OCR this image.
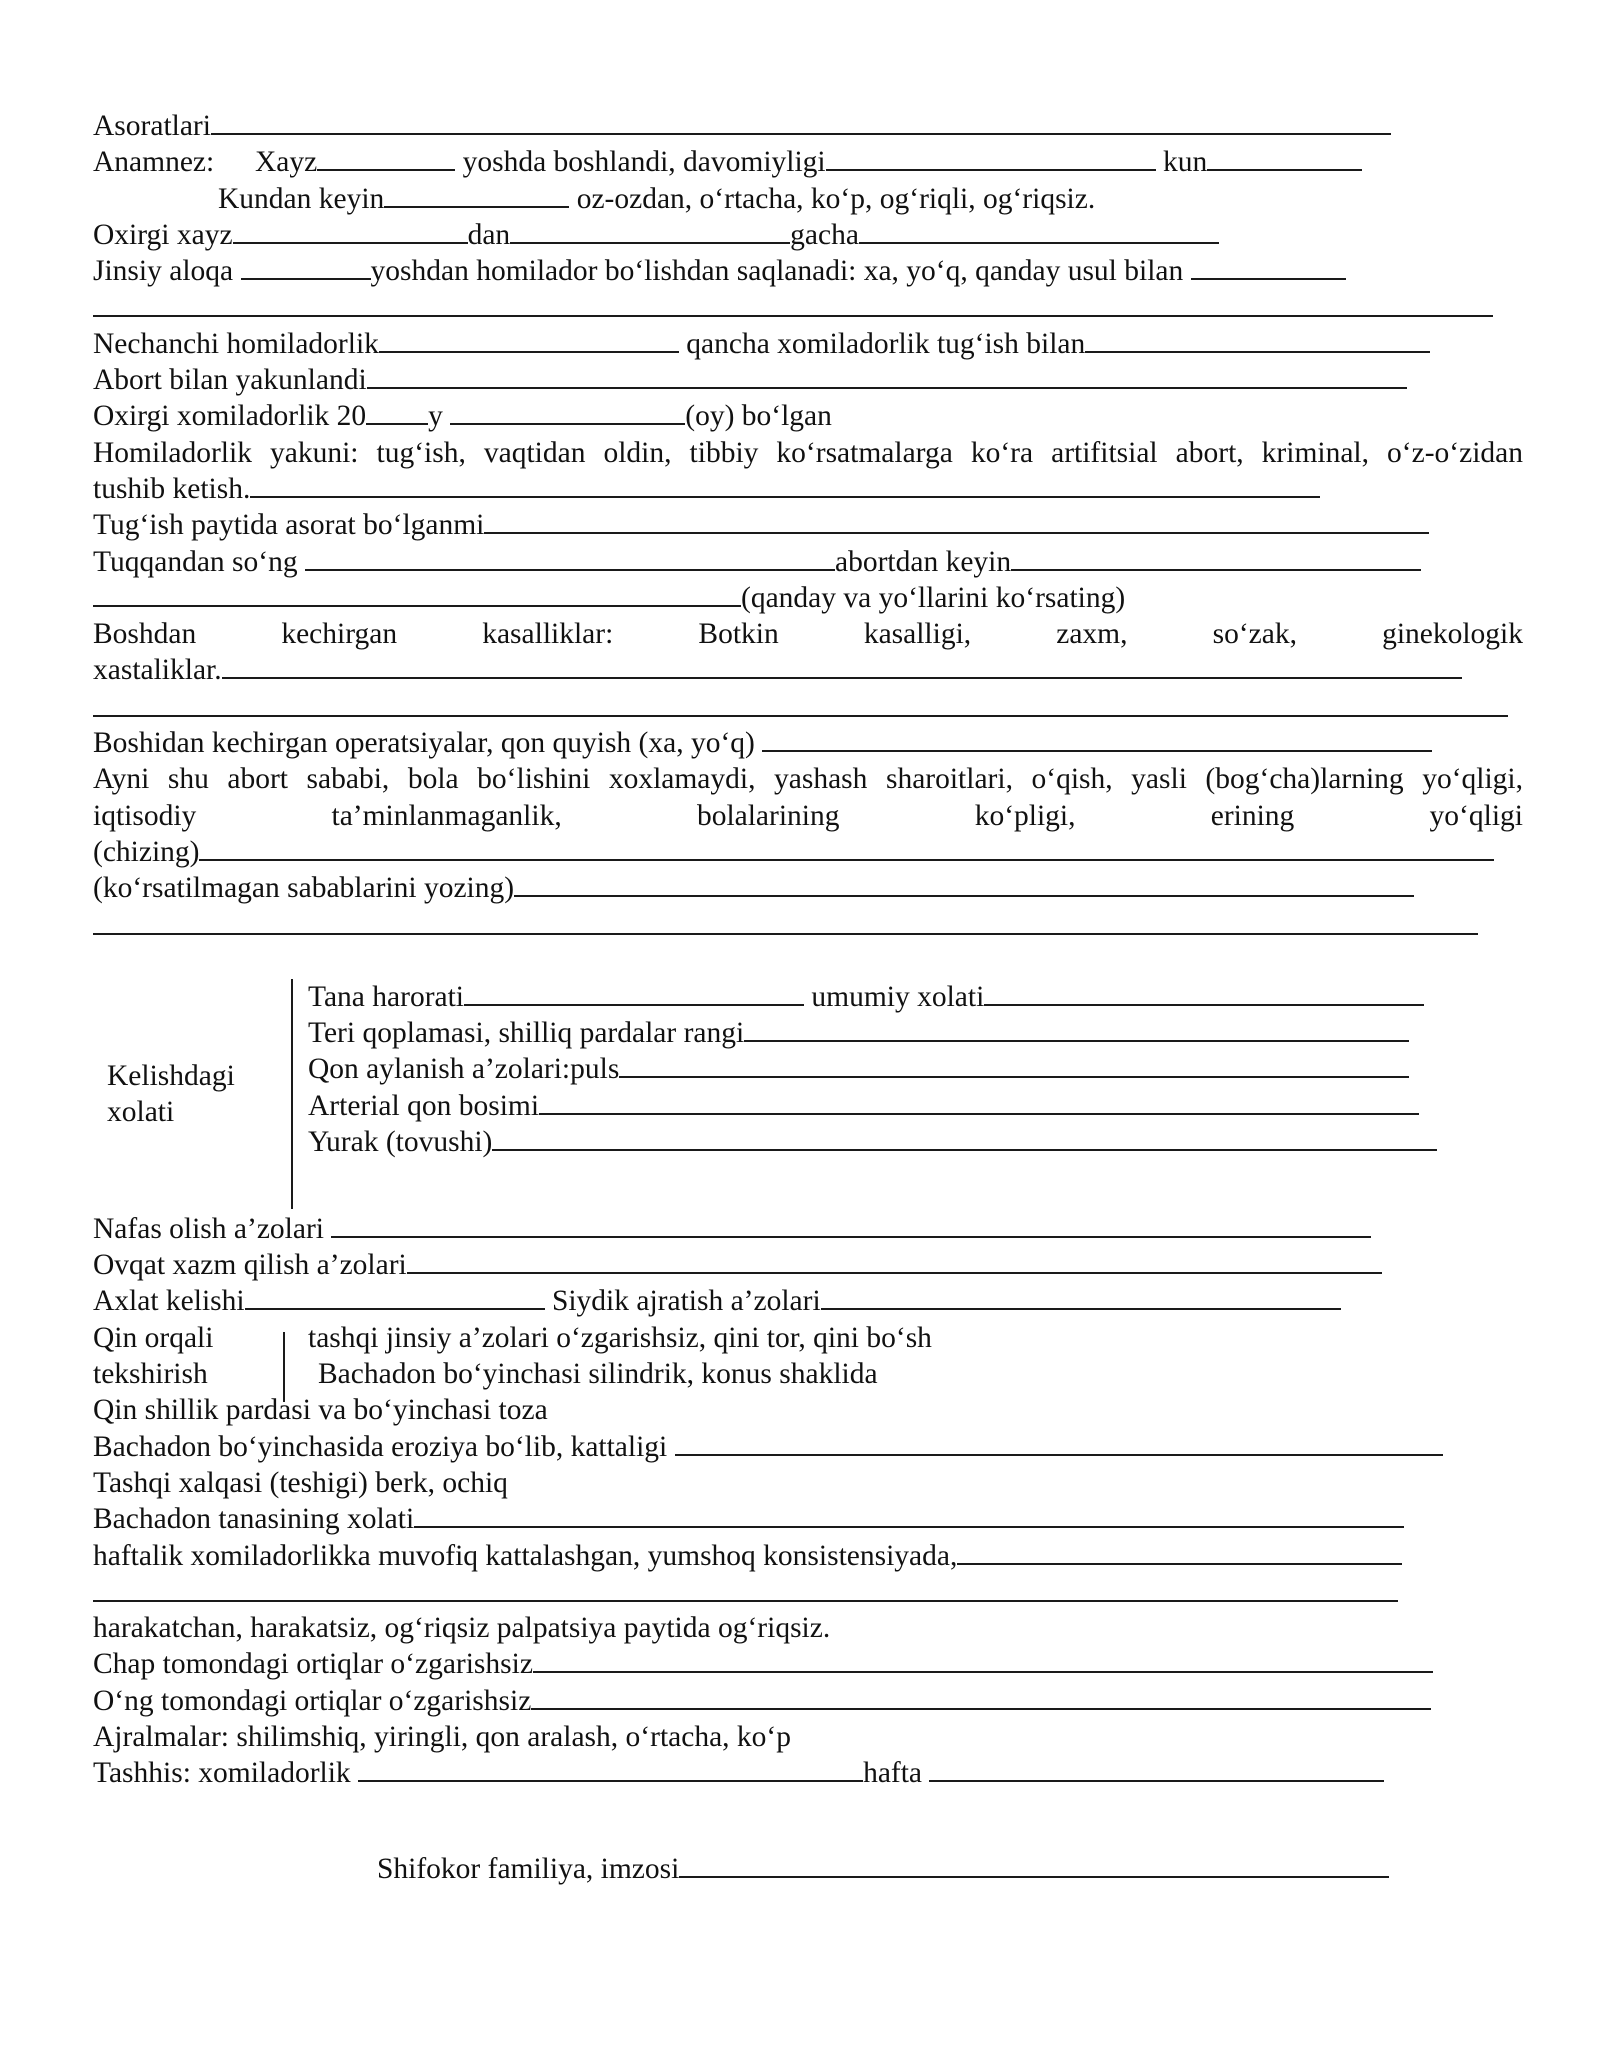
Asoratlari
Anamnez: Xayz	yoshda boshlandi, davomiyligi	kun
Kundan keyin	oz-ozdan, o‘rtacha, ko‘p, og‘riqli, og‘riqsiz.
Oxirgi xayz	dan	gacha
Jinsiy aloqa	yoshdan homilador bo‘lishdan saqlanadi: xa, yo‘q, qanday usul bilan
Nechanchi homiladorlik	qancha xomiladorlik tug‘ish bilan
Abort bilan yakunlandi
Oxirgi xomiladorlik 20 y	(oy) bo‘lgan
Homiladorlik yakuni: tug‘ish, vaqtidan oldin, tibbiy ko‘rsatmalarga ko‘ra artifitsial abort, kriminal, o‘z-o‘zidan
tushib ketish.
Tug‘ish paytida asorat bo‘lganmi
Tuqqandan so‘ng	abortdan keyin
(qanday va yo‘llarini ko‘rsating)
Boshdan	kechirgan	kasalliklar:	Botkin	kasalligi,	zaxm,	so‘zak,	ginekologik
xastaliklar.
Boshidan kechirgan operatsiyalar, qon quyish (xa, yo‘q)
Ayni shu abort sababi, bola bo‘lishini xoxlamaydi, yashash sharoitlari, o‘qish, yasli (bog‘cha)larning yo‘qligi,
iqtisodiy	ta’minlanmaganlik,	bolalarining	ko‘pligi,	erining	yo‘qligi
(chizing)
(ko‘rsatilmagan sabablarini yozing)
Kelishdagi
xolati
Tana harorati	umumiy xolati
Teri qoplamasi, shilliq pardalar rangi
Qon aylanish a’zolari:puls
Arterial qon bosimi
Yurak (tovushi)
Nafas olish a’zolari
Ovqat xazm qilish a’zolari
Axlat kelishi	Siydik ajratish a’zolari
Qin orqali
tekshirish
tashqi jinsiy a’zolari o‘zgarishsiz, qini tor, qini bo‘sh
Bachadon bo‘yinchasi silindrik, konus shaklida
Qin shillik pardasi va bo‘yinchasi toza
Bachadon bo‘yinchasida eroziya bo‘lib, kattaligi
Tashqi xalqasi (teshigi) berk, ochiq
Bachadon tanasining xolati
haftalik xomiladorlikka muvofiq kattalashgan, yumshoq konsistensiyada,
harakatchan, harakatsiz, og‘riqsiz palpatsiya paytida og‘riqsiz.
Chap tomondagi ortiqlar o‘zgarishsiz
O‘ng tomondagi ortiqlar o‘zgarishsiz
Ajralmalar: shilimshiq, yiringli, qon aralash, o‘rtacha, ko‘p
Tashhis: xomiladorlik	hafta
Shifokor familiya, imzosi
